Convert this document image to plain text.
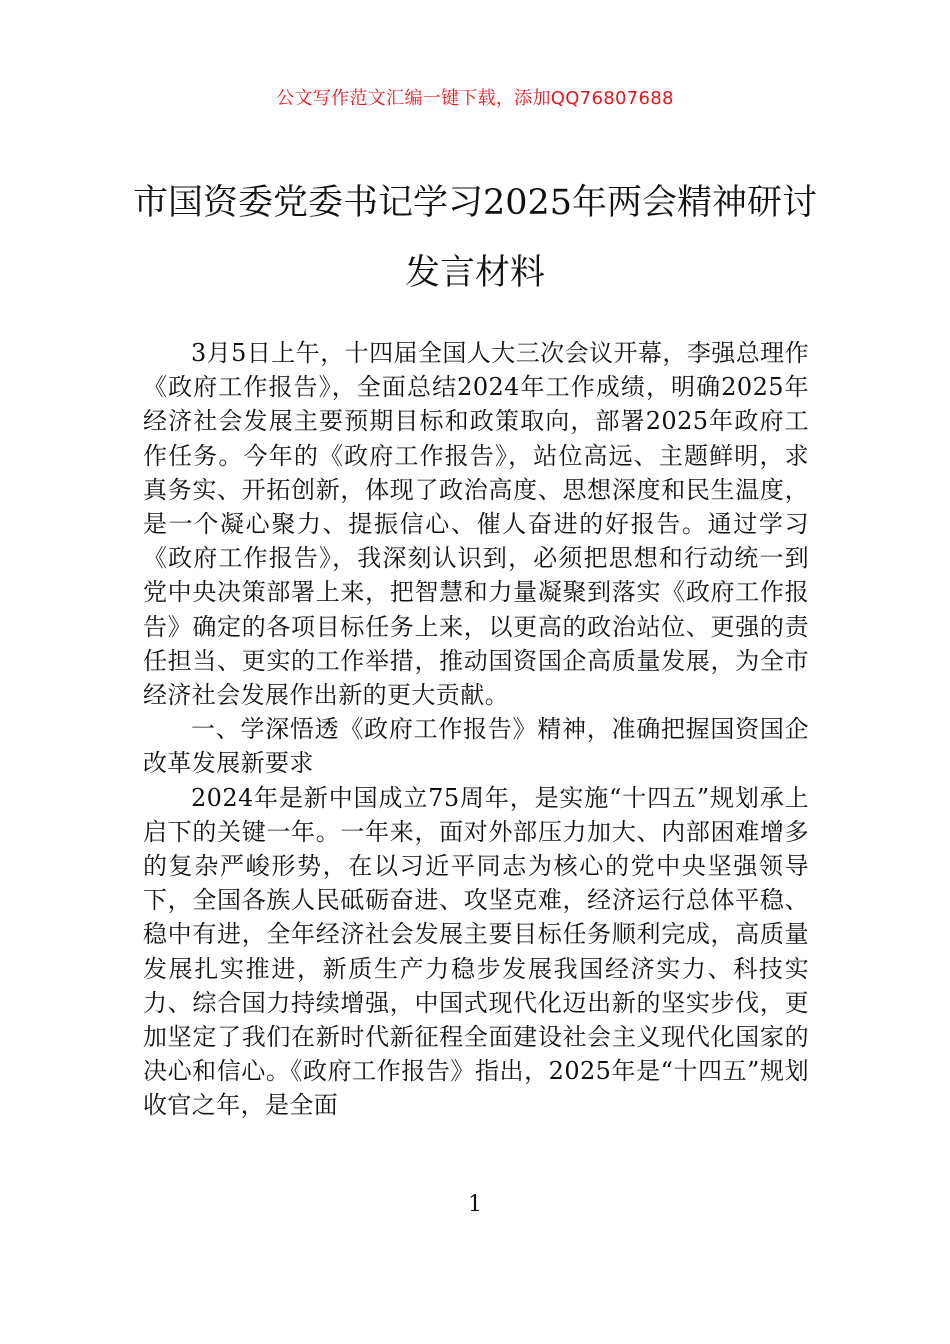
公文写作范文汇编一键下载，添加QQ76807688
市国资委党委书记学习2025年两会精神研讨发言材料

3月5日上午，十四届全国人大三次会议开幕，李强总理作《政府工作报告》，全面总结2024年工作成绩，明确2025年经济社会发展主要预期目标和政策取向，部署2025年政府工作任务。今年的《政府工作报告》，站位高远、主题鲜明，求真务实、开拓创新，体现了政治高度、思想深度和民生温度，是一个凝心聚力、提振信心、催人奋进的好报告。通过学习《政府工作报告》，我深刻认识到，必须把思想和行动统一到党中央决策部署上来，把智慧和力量凝聚到落实《政府工作报告》确定的各项目标任务上来，以更高的政治站位、更强的责任担当、更实的工作举措，推动国资国企高质量发展，为全市经济社会发展作出新的更大贡献。

一、学深悟透《政府工作报告》精神，准确把握国资国企改革发展新要求

2024年是新中国成立75周年，是实施“十四五”规划承上启下的关键一年。一年来，面对外部压力加大、内部困难增多的复杂严峻形势，在以习近平同志为核心的党中央坚强领导下，全国各族人民砥砺奋进、攻坚克难，经济运行总体平稳、稳中有进，全年经济社会发展主要目标任务顺利完成，高质量发展扎实推进，新质生产力稳步发展我国经济实力、科技实力、综合国力持续增强，中国式现代化迈出新的坚实步伐，更加坚定了我们在新时代新征程全面建设社会主义现代化国家的决心和信心。《政府工作报告》指出，2025年是“十四五”规划收官之年，是全面

1
